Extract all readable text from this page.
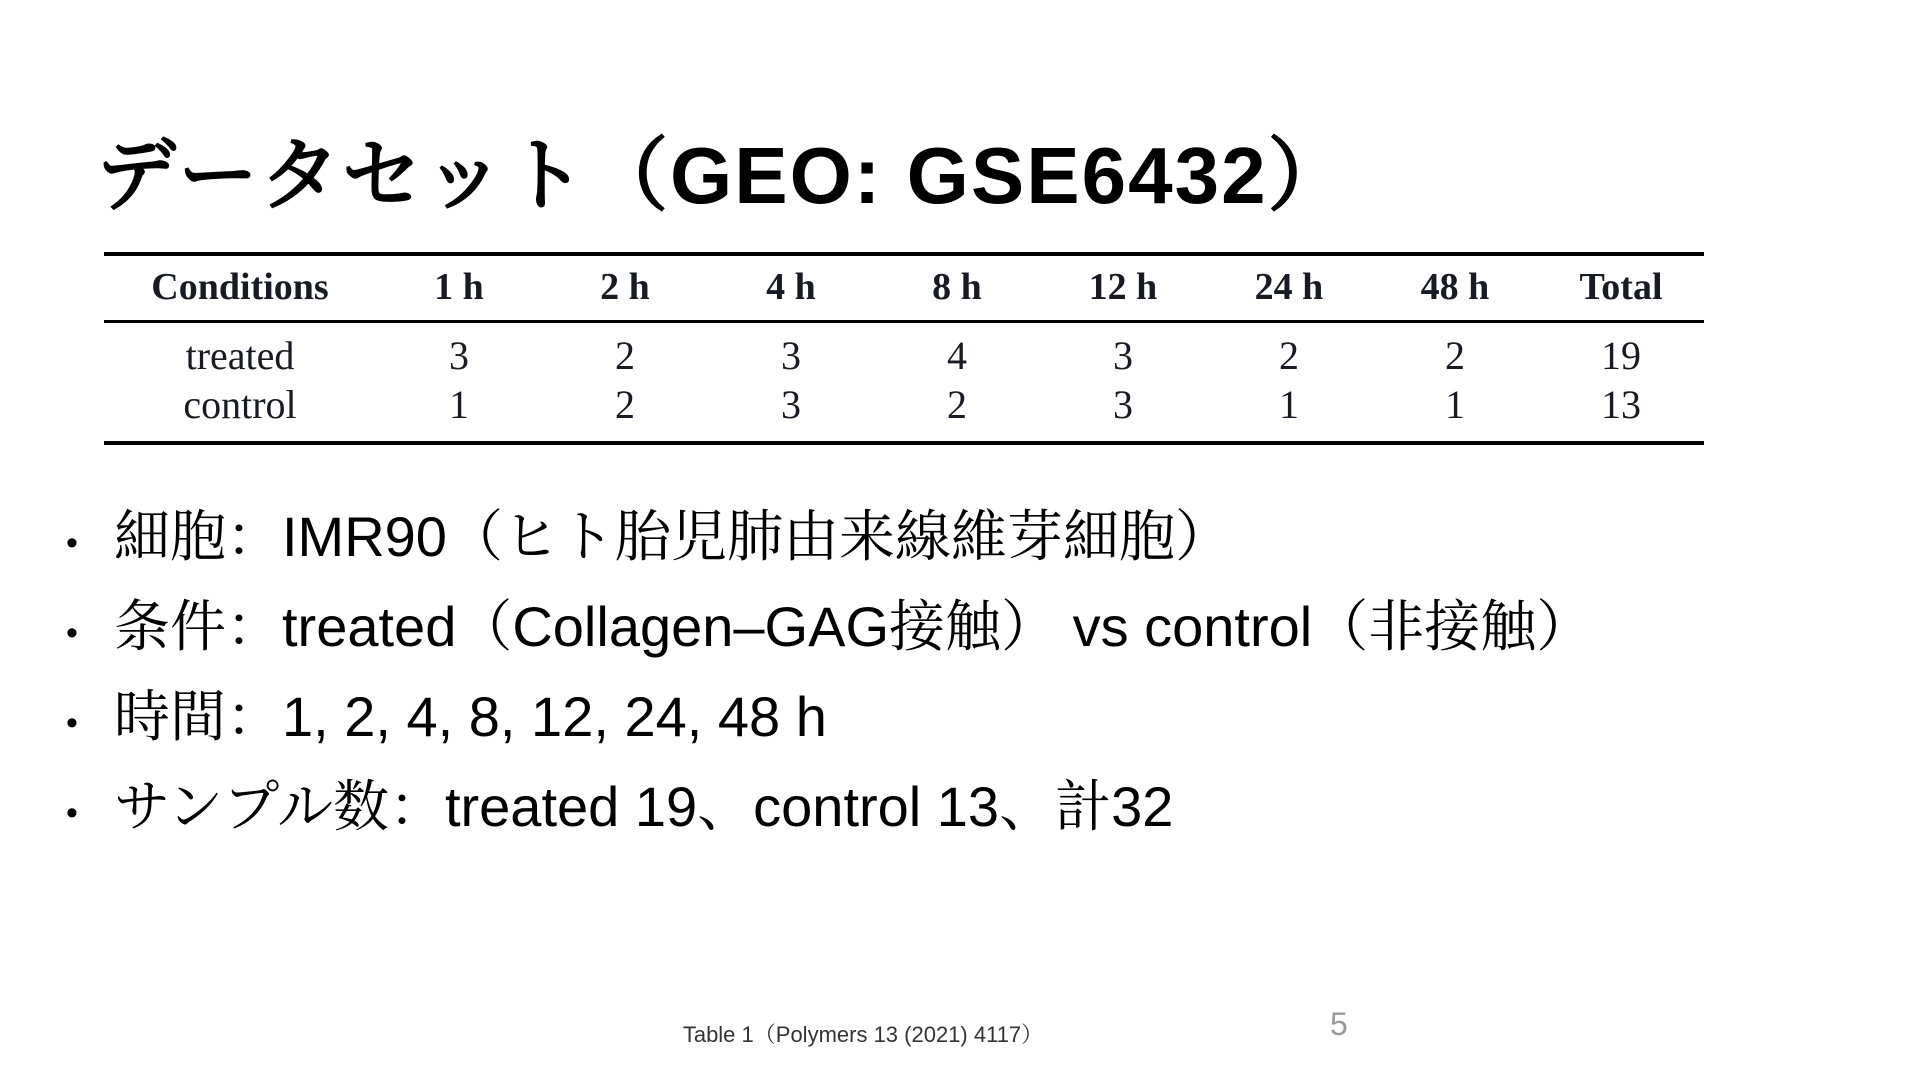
データセット（GEO: GSE6432）
Conditions	1 h	2 h	4 h	8 h	12 h	24 h	48 h	Total
treated	3	2	3	4	3	2	2	19
control	1	2	3	2	3	1	1	13
• 細胞：IMR90（ヒト胎児肺由来線維芽細胞）
• 条件：treated（Collagen–GAG接触） vs control（非接触）
• 時間：1, 2, 4, 8, 12, 24, 48 h
• サンプル数：treated 19、control 13、計32
Table 1（Polymers 13 (2021) 4117）	5
